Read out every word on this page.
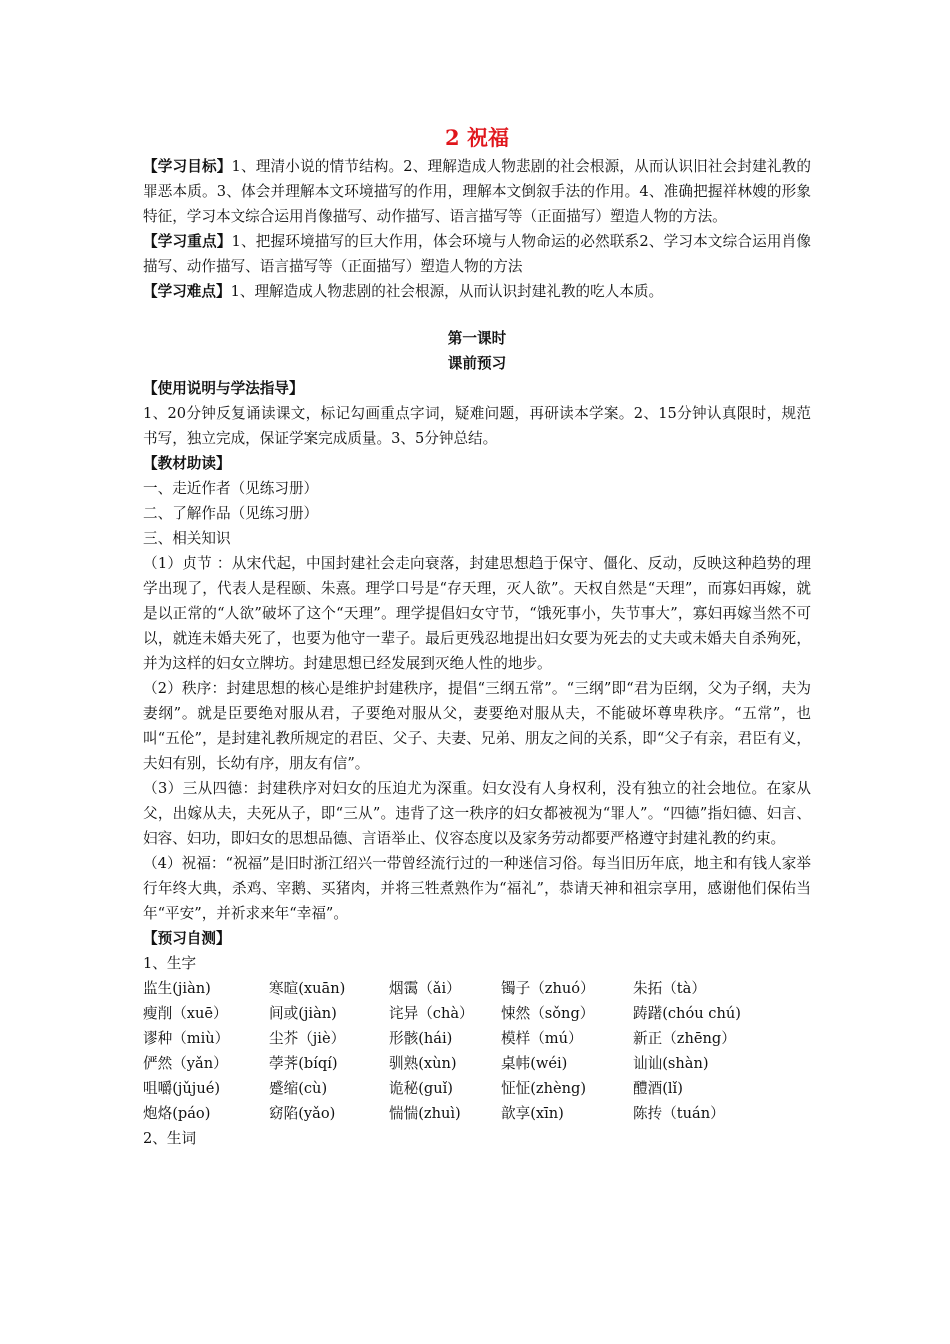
2 祝福

【学习目标】1、理清小说的情节结构。2、理解造成人物悲剧的社会根源，从而认识旧社会封建礼教的罪恶本质。3、体会并理解本文环境描写的作用，理解本文倒叙手法的作用。4、准确把握祥林嫂的形象特征，学习本文综合运用肖像描写、动作描写、语言描写等（正面描写）塑造人物的方法。

【学习重点】1、把握环境描写的巨大作用，体会环境与人物命运的必然联系2、学习本文综合运用肖像描写、动作描写、语言描写等（正面描写）塑造人物的方法

【学习难点】1、理解造成人物悲剧的社会根源，从而认识封建礼教的吃人本质。

第一课时

课前预习

【使用说明与学法指导】

1、20分钟反复诵读课文，标记勾画重点字词，疑难问题，再研读本学案。2、15分钟认真限时，规范书写，独立完成，保证学案完成质量。3、5分钟总结。

【教材助读】

一、走近作者（见练习册）

二、了解作品（见练习册）

三、相关知识

（1）贞节 ：从宋代起，中国封建社会走向衰落，封建思想趋于保守、僵化、反动，反映这种趋势的理学出现了，代表人是程颐、朱熹。理学口号是“存天理，灭人欲”。天权自然是“天理”，而寡妇再嫁，就是以正常的“人欲”破坏了这个“天理”。理学提倡妇女守节，“饿死事小，失节事大”，寡妇再嫁当然不可以，就连未婚夫死了，也要为他守一辈子。最后更残忍地提出妇女要为死去的丈夫或未婚夫自杀殉死，并为这样的妇女立牌坊。封建思想已经发展到灭绝人性的地步。

（2）秩序：封建思想的核心是维护封建秩序，提倡“三纲五常”。“三纲”即“君为臣纲，父为子纲，夫为妻纲”。就是臣要绝对服从君，子要绝对服从父，妻要绝对服从夫，不能破坏尊卑秩序。“五常”，也叫“五伦”，是封建礼教所规定的君臣、父子、夫妻、兄弟、朋友之间的关系，即“父子有亲，君臣有义，夫妇有别，长幼有序，朋友有信”。

（3）三从四德：封建秩序对妇女的压迫尤为深重。妇女没有人身权利，没有独立的社会地位。在家从父，出嫁从夫，夫死从子，即“三从”。违背了这一秩序的妇女都被视为“罪人”。“四德”指妇德、妇言、妇容、妇功，即妇女的思想品德、言语举止、仪容态度以及家务劳动都要严格遵守封建礼教的约束。

（4）祝福：“祝福”是旧时浙江绍兴一带曾经流行过的一种迷信习俗。每当旧历年底，地主和有钱人家举行年终大典，杀鸡、宰鹅、买猪肉，并将三牲煮熟作为“福礼”，恭请天神和祖宗享用，感谢他们保佑当年“平安”，并祈求来年“幸福”。

【预习自测】

1、生字

监生(jiàn)	寒暄(xuān)	烟霭（ǎi）	镯子（zhuó）	朱拓（tà）
瘦削（xuē）	间或(jiàn)	诧异（chà）	悚然（sǒng）	踌躇(chóu chú)
谬种（miù）	尘芥（jiè）	形骸(hái)	模样（mú）	新正（zhēng）
俨然（yǎn）	荸荠(bíqí)	驯熟(xùn)	桌帏(wéi)	讪讪(shàn)
咀嚼(jǔjué)	蹙缩(cù)	诡秘(guǐ)	怔怔(zhèng)	醴酒(lǐ)
炮烙(páo)	窈陷(yǎo)	惴惴(zhuì)	歆享(xīn)	陈抟（tuán）

2、生词
